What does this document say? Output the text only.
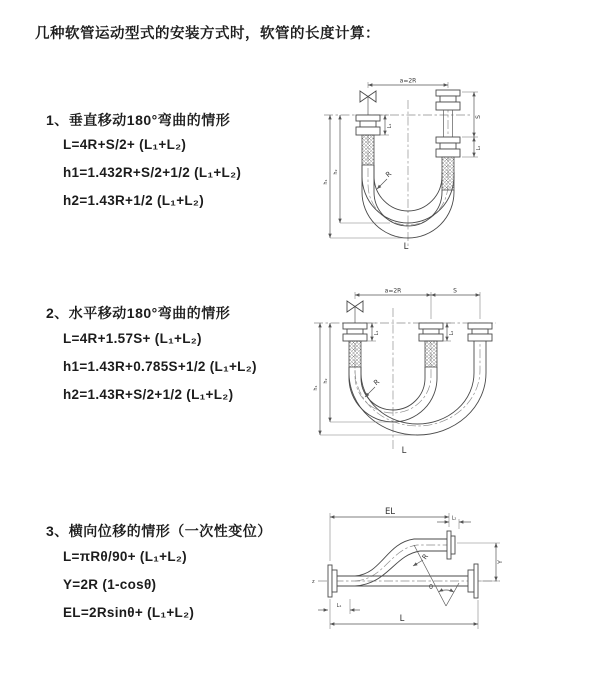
几种软管运动型式的安装方式时，软管的长度计算：
1、垂直移动180°弯曲的情形
L=4R+S/2+ (L₁+L₂)
h1=1.432R+S/2+1/2 (L₁+L₂)
h2=1.43R+1/2 (L₁+L₂)
2、水平移动180°弯曲的情形
L=4R+1.57S+ (L₁+L₂)
h1=1.43R+0.785S+1/2 (L₁+L₂)
h2=1.43R+S/2+1/2 (L₁+L₂)
3、横向位移的情形（一次性变位）
L=πRθ/90+ (L₁+L₂)
Y=2R (1-cosθ)
EL=2Rsinθ+ (L₁+L₂)
a=2R
S
L₂
h₁
h₂
L₁
R
L
a=2R	S
h₁
h₂
L₁	L₂
R
L
z
θ
R
EL
L₂
Y
L
L₁
